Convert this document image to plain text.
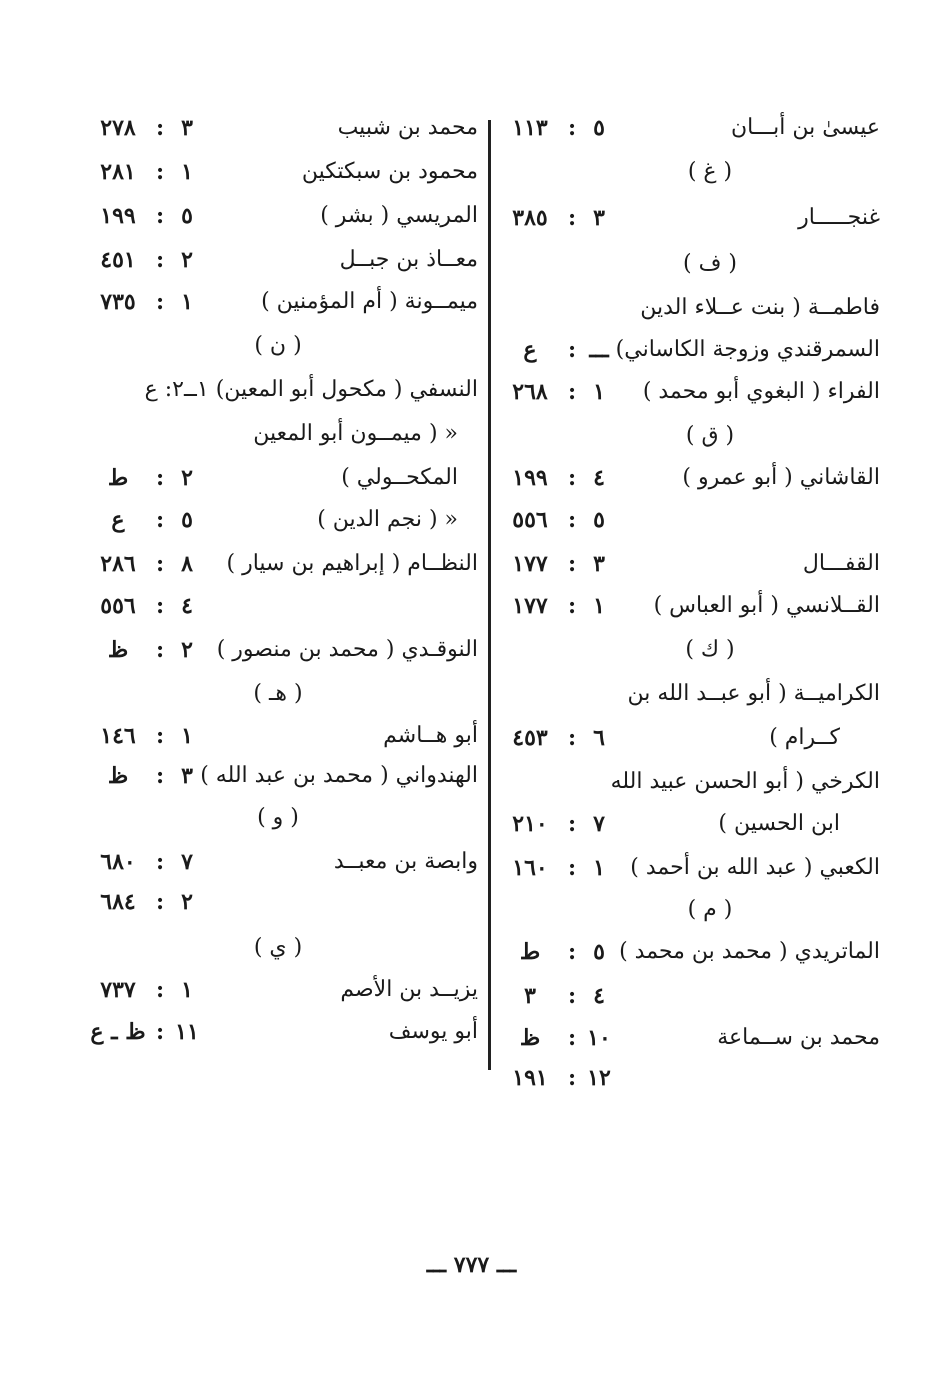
عيسىٰ بن أبـــان
١١٣ : ٥
( غ )
غنجـــــار
٣٨٥ : ٣
( ف )
فاطمــة ( بنت عــلاء الدين
السمرقندي وزوجة الكاساني)
ع : ـــ
الفراء ( البغوي أبو محمد )
٢٦٨ : ١
( ق )
القاشاني ( أبو عمرو )
١٩٩ : ٤
٥٥٦ : ٥
القفـــال
١٧٧ : ٣
القــلانسي ( أبو العباس )
١٧٧ : ١
( ك )
الكراميــة ( أبو عبــد الله بن
كــرام )
٤٥٣ : ٦
الكرخي ( أبو الحسن عبيد الله
ابن الحسين )
٢١٠ : ٧
الكعبي ( عبد الله بن أحمد )
١٦٠ : ١
( م )
الماتريدي ( محمد بن محمد )
ط : ٥
٣ : ٤
محمد بن ســماعة
ظ : ١٠
١٩١ : ١٢
محمد بن شبيب
٢٧٨ : ٣
محمود بن سبكتكين
٢٨١ : ١
المريسي ( بشر )
١٩٩ : ٥
معــاذ بن جبــل
٤٥١ : ٢
ميمــونة ( أم المؤمنين )
٧٣٥ : ١
( ن )
النسفي ( مكحول أبو المعين) ١ــ٢: ع
« ( ميمــون أبو المعين
المكحــولي )
ط : ٢
« ( نجم الدين )
ع : ٥
النظــام ( إبراهيم بن سيار )
٢٨٦ : ٨
٥٥٦ : ٤
النوقـدي ( محمد بن منصور )
ظ : ٢
( هـ )
أبو هــاشم
١٤٦ : ١
الهندواني ( محمد بن عبد الله )
ظ : ٣
( و )
وابصة بن معبــد
٦٨٠ : ٧
٦٨٤ : ٢
( ي )
يزيــد بن الأصم
٧٣٧ : ١
أبو يوسف
ظ ـ ع : ١١
ـــ ٧٧٧ ـــ
